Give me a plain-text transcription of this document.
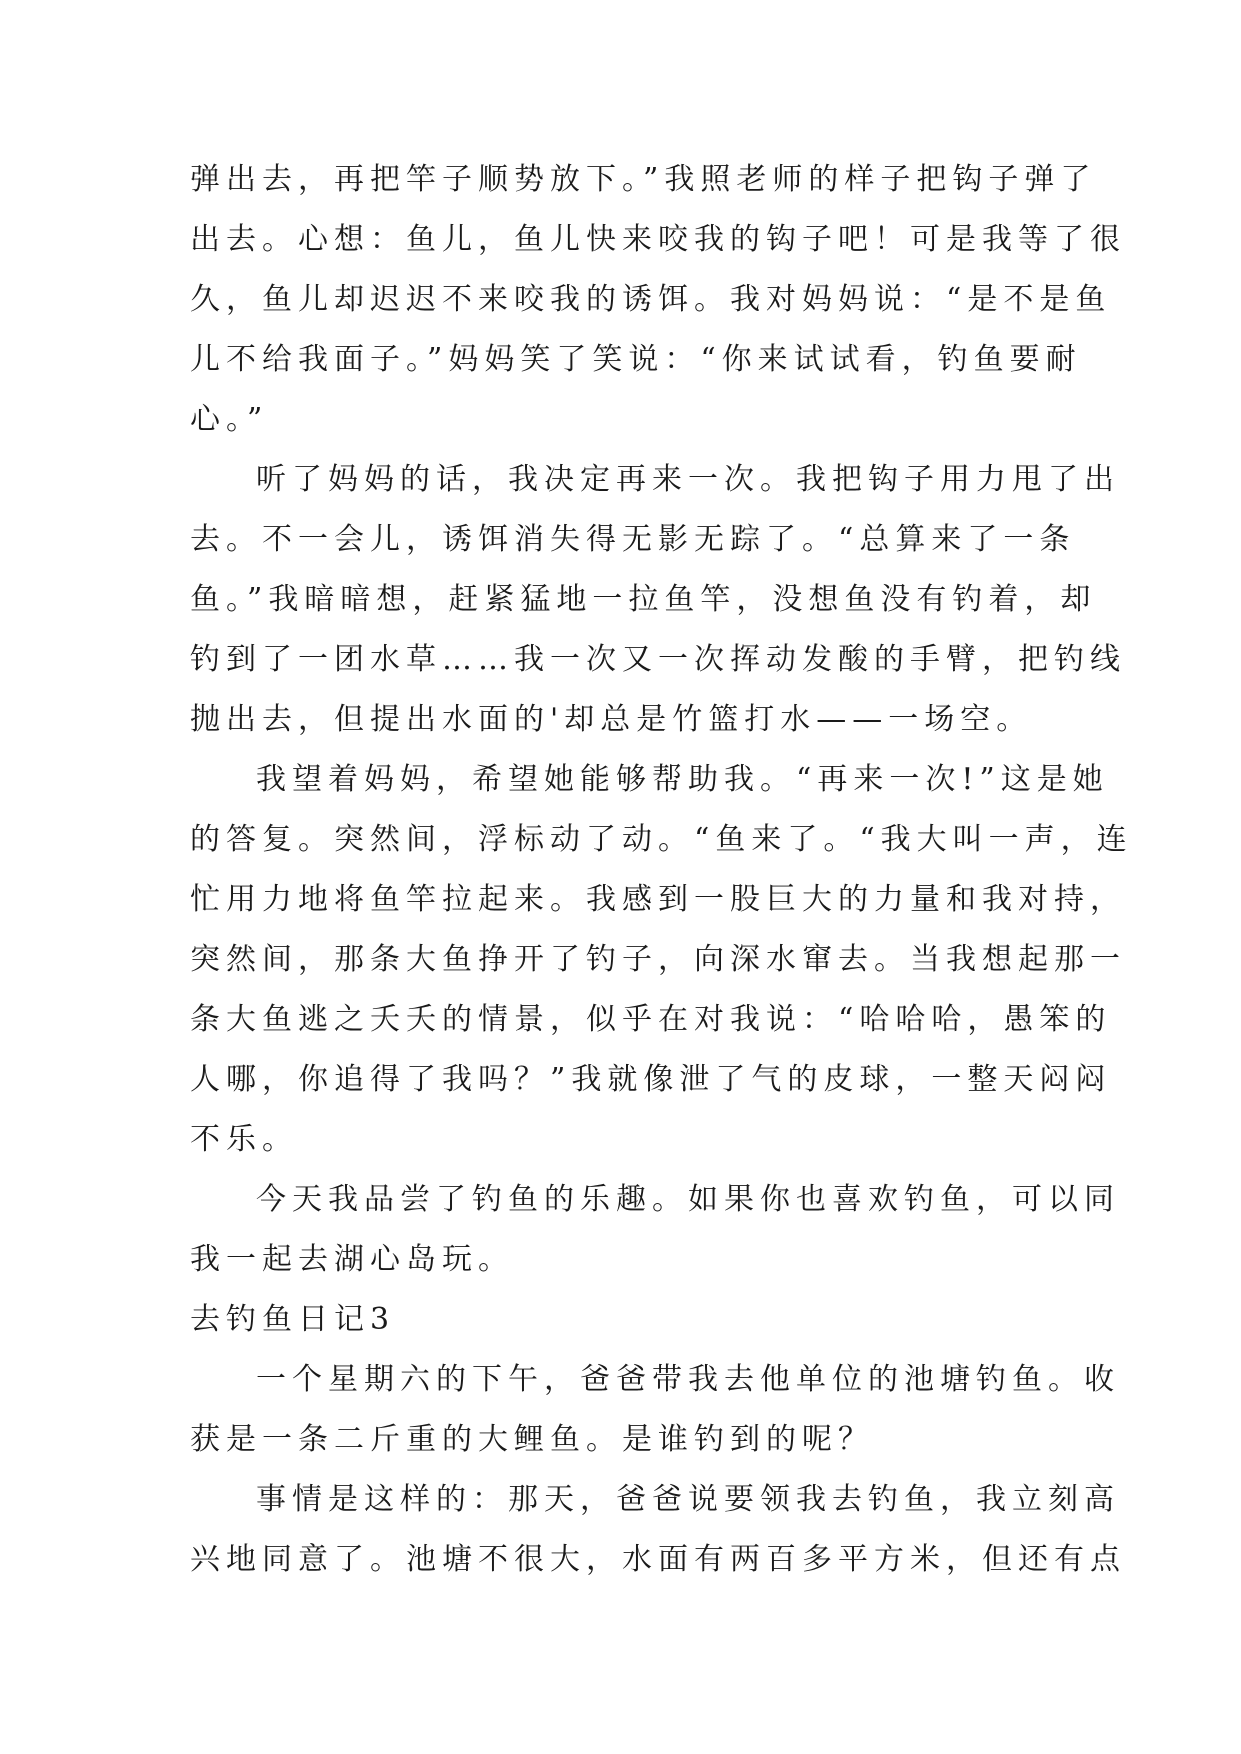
弹出去，再把竿子顺势放下。”我照老师的样子把钩子弹了
出去。心想：鱼儿，鱼儿快来咬我的钩子吧！可是我等了很
久，鱼儿却迟迟不来咬我的诱饵。我对妈妈说：“是不是鱼
儿不给我面子。”妈妈笑了笑说：“你来试试看，钓鱼要耐
心。”
听了妈妈的话，我决定再来一次。我把钩子用力甩了出
去。不一会儿，诱饵消失得无影无踪了。“总算来了一条
鱼。”我暗暗想，赶紧猛地一拉鱼竿，没想鱼没有钓着，却
钓到了一团水草……我一次又一次挥动发酸的手臂，把钓线
抛出去，但提出水面的'却总是竹篮打水——一场空。
我望着妈妈，希望她能够帮助我。“再来一次!”这是她
的答复。突然间，浮标动了动。“鱼来了。“我大叫一声，连
忙用力地将鱼竿拉起来。我感到一股巨大的力量和我对持，
突然间，那条大鱼挣开了钓子，向深水窜去。当我想起那一
条大鱼逃之夭夭的情景，似乎在对我说：“哈哈哈，愚笨的
人哪，你追得了我吗？”我就像泄了气的皮球，一整天闷闷
不乐。
今天我品尝了钓鱼的乐趣。如果你也喜欢钓鱼，可以同
我一起去湖心岛玩。
去钓鱼日记3
一个星期六的下午，爸爸带我去他单位的池塘钓鱼。收
获是一条二斤重的大鲤鱼。是谁钓到的呢？
事情是这样的：那天，爸爸说要领我去钓鱼，我立刻高
兴地同意了。池塘不很大，水面有两百多平方米，但还有点
